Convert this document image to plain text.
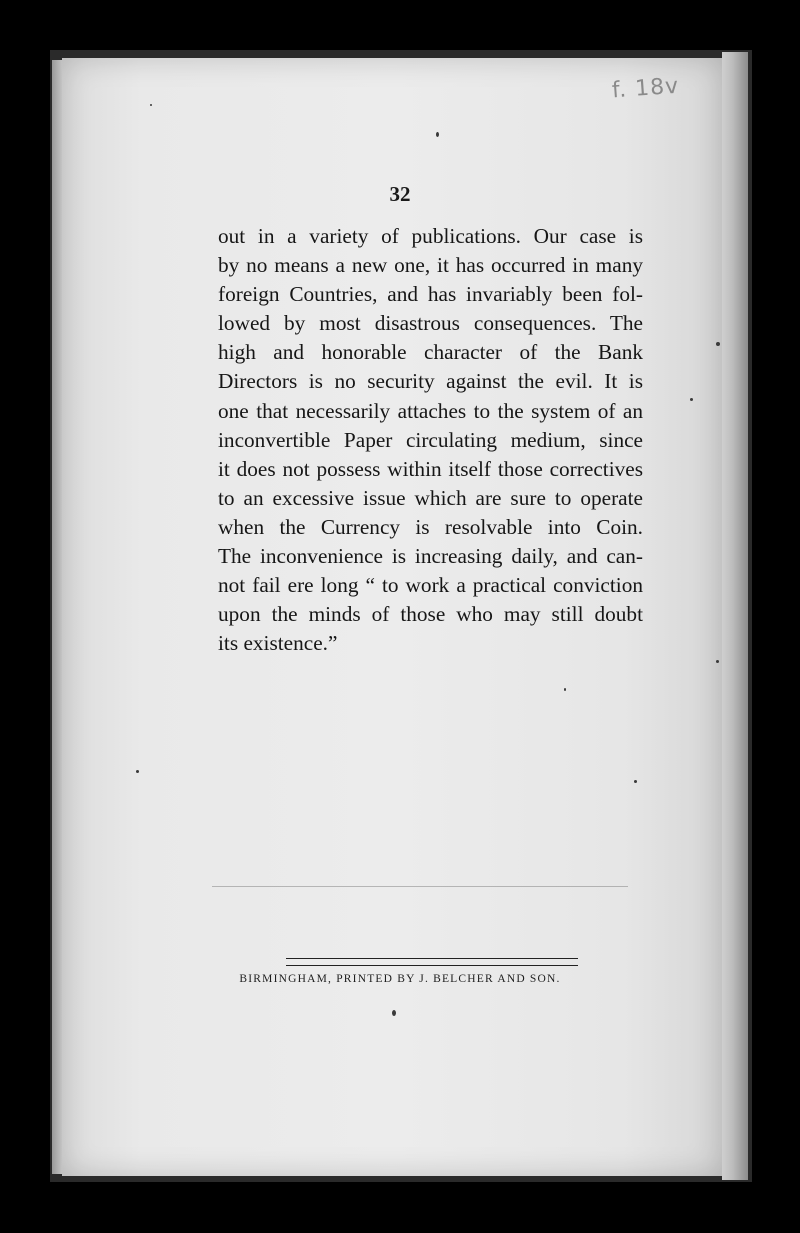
f. 18v
32
out in a variety of publications. Our case is
by no means a new one, it has occurred in many
foreign Countries, and has invariably been fol-
lowed by most disastrous consequences. The
high and honorable character of the Bank
Directors is no security against the evil. It is
one that necessarily attaches to the system of an
inconvertible Paper circulating medium, since
it does not possess within itself those correctives
to an excessive issue which are sure to operate
when the Currency is resolvable into Coin.
The inconvenience is increasing daily, and can-
not fail ere long “ to work a practical conviction
upon the minds of those who may still doubt
its existence.”
BIRMINGHAM, PRINTED BY J. BELCHER AND SON.
